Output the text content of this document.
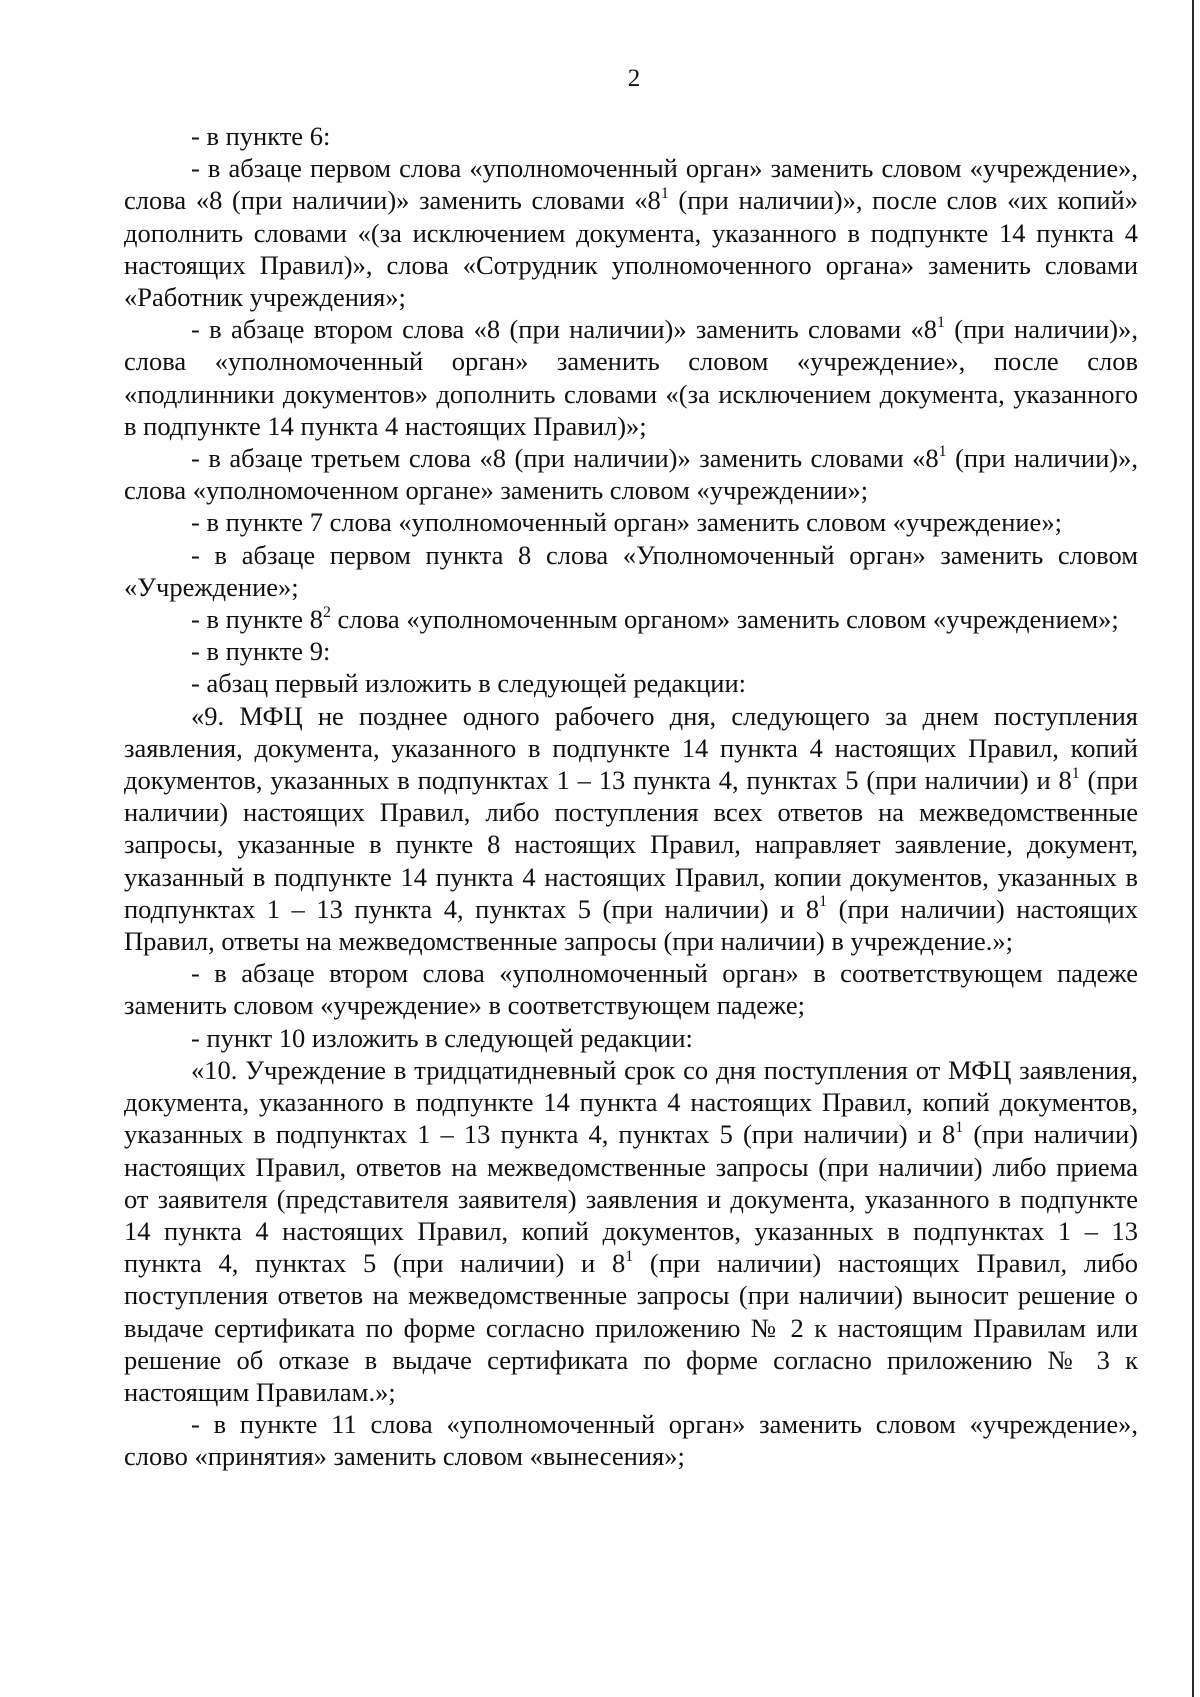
2

- в пункте 6:

- в абзаце первом слова «уполномоченный орган» заменить словом «учреждение», слова «8 (при наличии)» заменить словами «$8^1$ (при наличии)», после слов «их копий» дополнить словами «(за исключением документа, указанного в подпункте 14 пункта 4 настоящих Правил)», слова «Сотрудник уполномоченного органа» заменить словами «Работник учреждения»;

- в абзаце втором слова «8 (при наличии)» заменить словами «$8^1$ (при наличии)», слова «уполномоченный орган» заменить словом «учреждение», после слов «подлинники документов» дополнить словами «(за исключением документа, указанного в подпункте 14 пункта 4 настоящих Правил)»;

- в абзаце третьем слова «8 (при наличии)» заменить словами «$8^1$ (при наличии)», слова «уполномоченном органе» заменить словом «учреждении»;

- в пункте 7 слова «уполномоченный орган» заменить словом «учреждение»;

- в абзаце первом пункта 8 слова «Уполномоченный орган» заменить словом «Учреждение»;

- в пункте $8^2$ слова «уполномоченным органом» заменить словом «учреждением»;

- в пункте 9:

- абзац первый изложить в следующей редакции:

«9. МФЦ не позднее одного рабочего дня, следующего за днем поступления заявления, документа, указанного в подпункте 14 пункта 4 настоящих Правил, копий документов, указанных в подпунктах 1 – 13 пункта 4, пунктах 5 (при наличии) и $8^1$ (при наличии) настоящих Правил, либо поступления всех ответов на межведомственные запросы, указанные в пункте 8 настоящих Правил, направляет заявление, документ, указанный в подпункте 14 пункта 4 настоящих Правил, копии документов, указанных в подпунктах 1 – 13 пункта 4, пунктах 5 (при наличии) и $8^1$ (при наличии) настоящих Правил, ответы на межведомственные запросы (при наличии) в учреждение.»;

- в абзаце втором слова «уполномоченный орган» в соответствующем падеже заменить словом «учреждение» в соответствующем падеже;

- пункт 10 изложить в следующей редакции:

«10. Учреждение в тридцатидневный срок со дня поступления от МФЦ заявления, документа, указанного в подпункте 14 пункта 4 настоящих Правил, копий документов, указанных в подпунктах 1 – 13 пункта 4, пунктах 5 (при наличии) и $8^1$ (при наличии) настоящих Правил, ответов на межведомственные запросы (при наличии) либо приема от заявителя (представителя заявителя) заявления и документа, указанного в подпункте 14 пункта 4 настоящих Правил, копий документов, указанных в подпунктах 1 – 13 пункта 4, пунктах 5 (при наличии) и $8^1$ (при наличии) настоящих Правил, либо поступления ответов на межведомственные запросы (при наличии) выносит решение о выдаче сертификата по форме согласно приложению № 2 к настоящим Правилам или решение об отказе в выдаче сертификата по форме согласно приложению № 3 к настоящим Правилам.»;

- в пункте 11 слова «уполномоченный орган» заменить словом «учреждение», слово «принятия» заменить словом «вынесения»;
